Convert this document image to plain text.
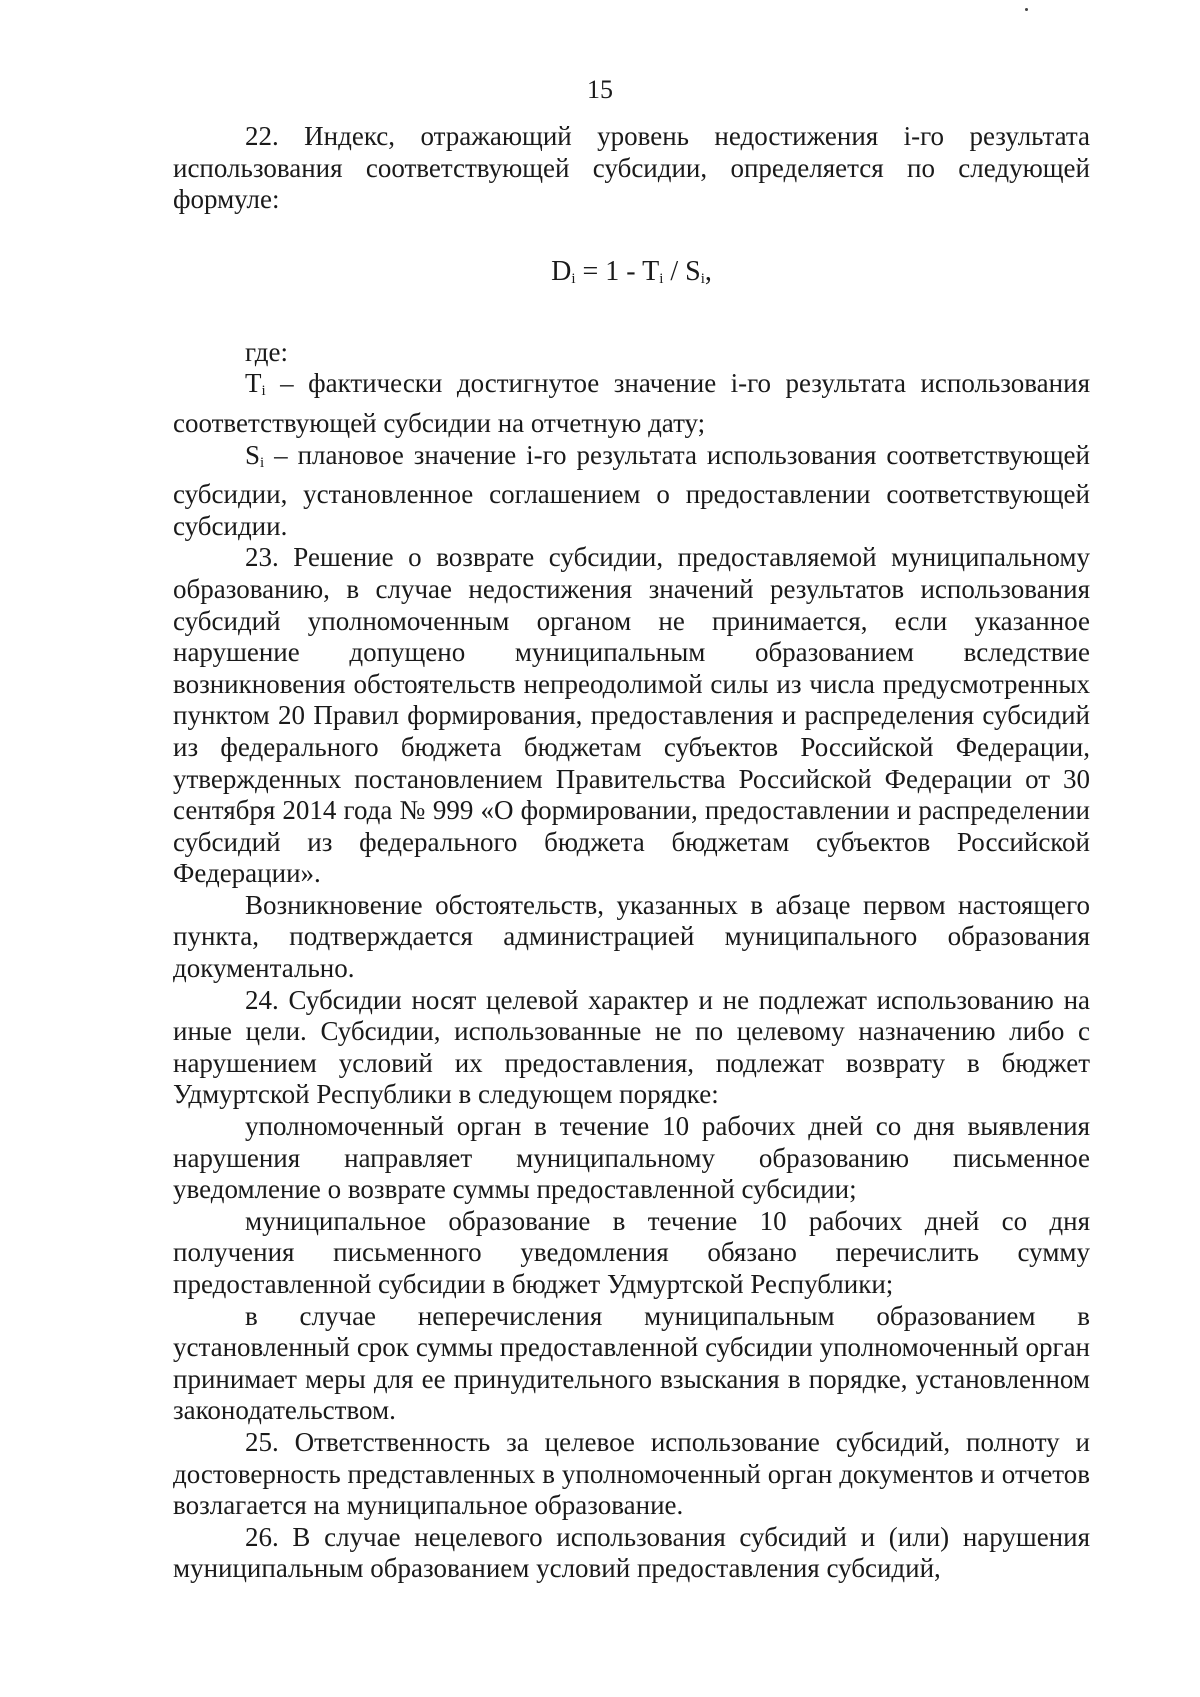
15

22. Индекс, отражающий уровень недостижения i-го результата использования соответствующей субсидии, определяется по следующей формуле:

$D_i = 1 - T_i / S_i$,

где:

$T_i$ – фактически достигнутое значение i-го результата использования соответствующей субсидии на отчетную дату;

$S_i$ – плановое значение i-го результата использования соответствующей субсидии, установленное соглашением о предоставлении соответствующей субсидии.

23. Решение о возврате субсидии, предоставляемой муниципальному образованию, в случае недостижения значений результатов использования субсидий уполномоченным органом не принимается, если указанное нарушение допущено муниципальным образованием вследствие возникновения обстоятельств непреодолимой силы из числа предусмотренных пунктом 20 Правил формирования, предоставления и распределения субсидий из федерального бюджета бюджетам субъектов Российской Федерации, утвержденных постановлением Правительства Российской Федерации от 30 сентября 2014 года № 999 «О формировании, предоставлении и распределении субсидий из федерального бюджета бюджетам субъектов Российской Федерации».

Возникновение обстоятельств, указанных в абзаце первом настоящего пункта, подтверждается администрацией муниципального образования документально.

24. Субсидии носят целевой характер и не подлежат использованию на иные цели. Субсидии, использованные не по целевому назначению либо с нарушением условий их предоставления, подлежат возврату в бюджет Удмуртской Республики в следующем порядке:

уполномоченный орган в течение 10 рабочих дней со дня выявления нарушения направляет муниципальному образованию письменное уведомление о возврате суммы предоставленной субсидии;

муниципальное образование в течение 10 рабочих дней со дня получения письменного уведомления обязано перечислить сумму предоставленной субсидии в бюджет Удмуртской Республики;

в случае неперечисления муниципальным образованием в установленный срок суммы предоставленной субсидии уполномоченный орган принимает меры для ее принудительного взыскания в порядке, установленном законодательством.

25. Ответственность за целевое использование субсидий, полноту и достоверность представленных в уполномоченный орган документов и отчетов возлагается на муниципальное образование.

26. В случае нецелевого использования субсидий и (или) нарушения муниципальным образованием условий предоставления субсидий,
